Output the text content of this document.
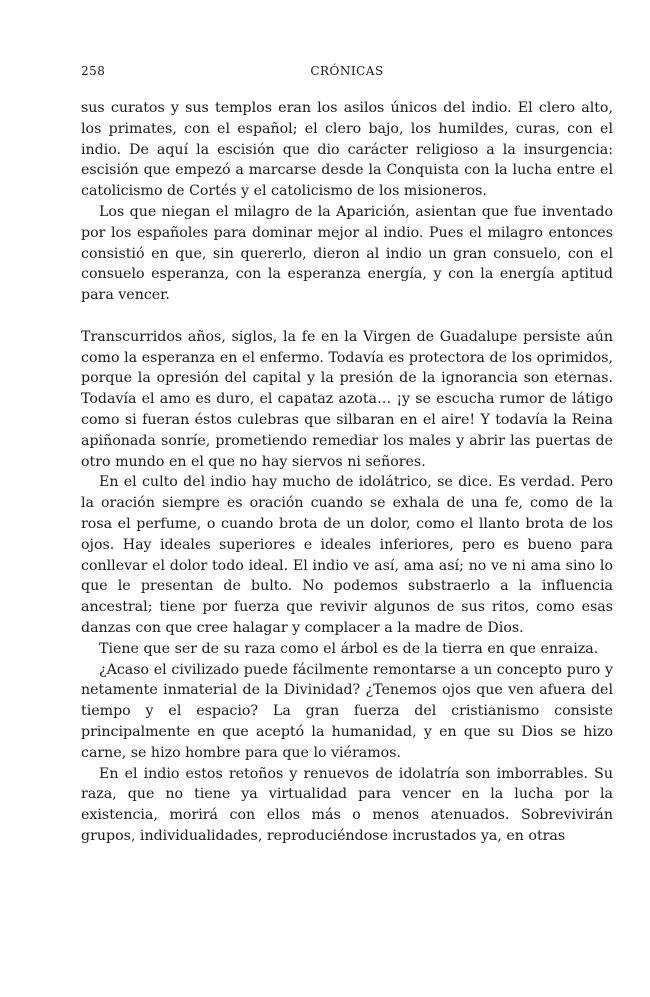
258	CRÓNICAS

sus curatos y sus templos eran los asilos únicos del indio. El clero alto, los primates, con el español; el clero bajo, los humildes, curas, con el indio. De aquí la escisión que dio carácter religioso a la insurgencia: escisión que empezó a marcarse desde la Conquista con la lucha entre el catolicismo de Cortés y el catolicismo de los misioneros.

Los que niegan el milagro de la Aparición, asientan que fue inventado por los españoles para dominar mejor al indio. Pues el milagro entonces consistió en que, sin quererlo, dieron al indio un gran consuelo, con el consuelo esperanza, con la esperanza energía, y con la energía aptitud para vencer.

Transcurridos años, siglos, la fe en la Virgen de Guadalupe persiste aún como la esperanza en el enfermo. Todavía es protectora de los oprimidos, porque la opresión del capital y la presión de la ignorancia son eternas. Todavía el amo es duro, el capataz azota… ¡y se escucha rumor de látigo como si fueran éstos culebras que silbaran en el aire! Y todavía la Reina apiñonada sonríe, prometiendo remediar los males y abrir las puertas de otro mundo en el que no hay siervos ni señores.

En el culto del indio hay mucho de idolátrico, se dice. Es verdad. Pero la oración siempre es oración cuando se exhala de una fe, como de la rosa el perfume, o cuando brota de un dolor, como el llanto brota de los ojos. Hay ideales superiores e ideales inferiores, pero es bueno para conllevar el dolor todo ideal. El indio ve así, ama así; no ve ni ama sino lo que le presentan de bulto. No podemos substraerlo a la influencia ancestral; tiene por fuerza que revivir algunos de sus ritos, como esas danzas con que cree halagar y complacer a la madre de Dios.

Tiene que ser de su raza como el árbol es de la tierra en que enraiza.

¿Acaso el civilizado puede fácilmente remontarse a un concepto puro y netamente inmaterial de la Divinidad? ¿Tenemos ojos que ven afuera del tiempo y el espacio? La gran fuerza del cristianismo consiste principalmente en que aceptó la humanidad, y en que su Dios se hizo carne, se hizo hombre para que lo viéramos.

En el indio estos retoños y renuevos de idolatría son imborrables. Su raza, que no tiene ya virtualidad para vencer en la lucha por la existencia, morirá con ellos más o menos atenuados. Sobrevivirán grupos, individualidades, reproduciéndose incrustados ya, en otras
